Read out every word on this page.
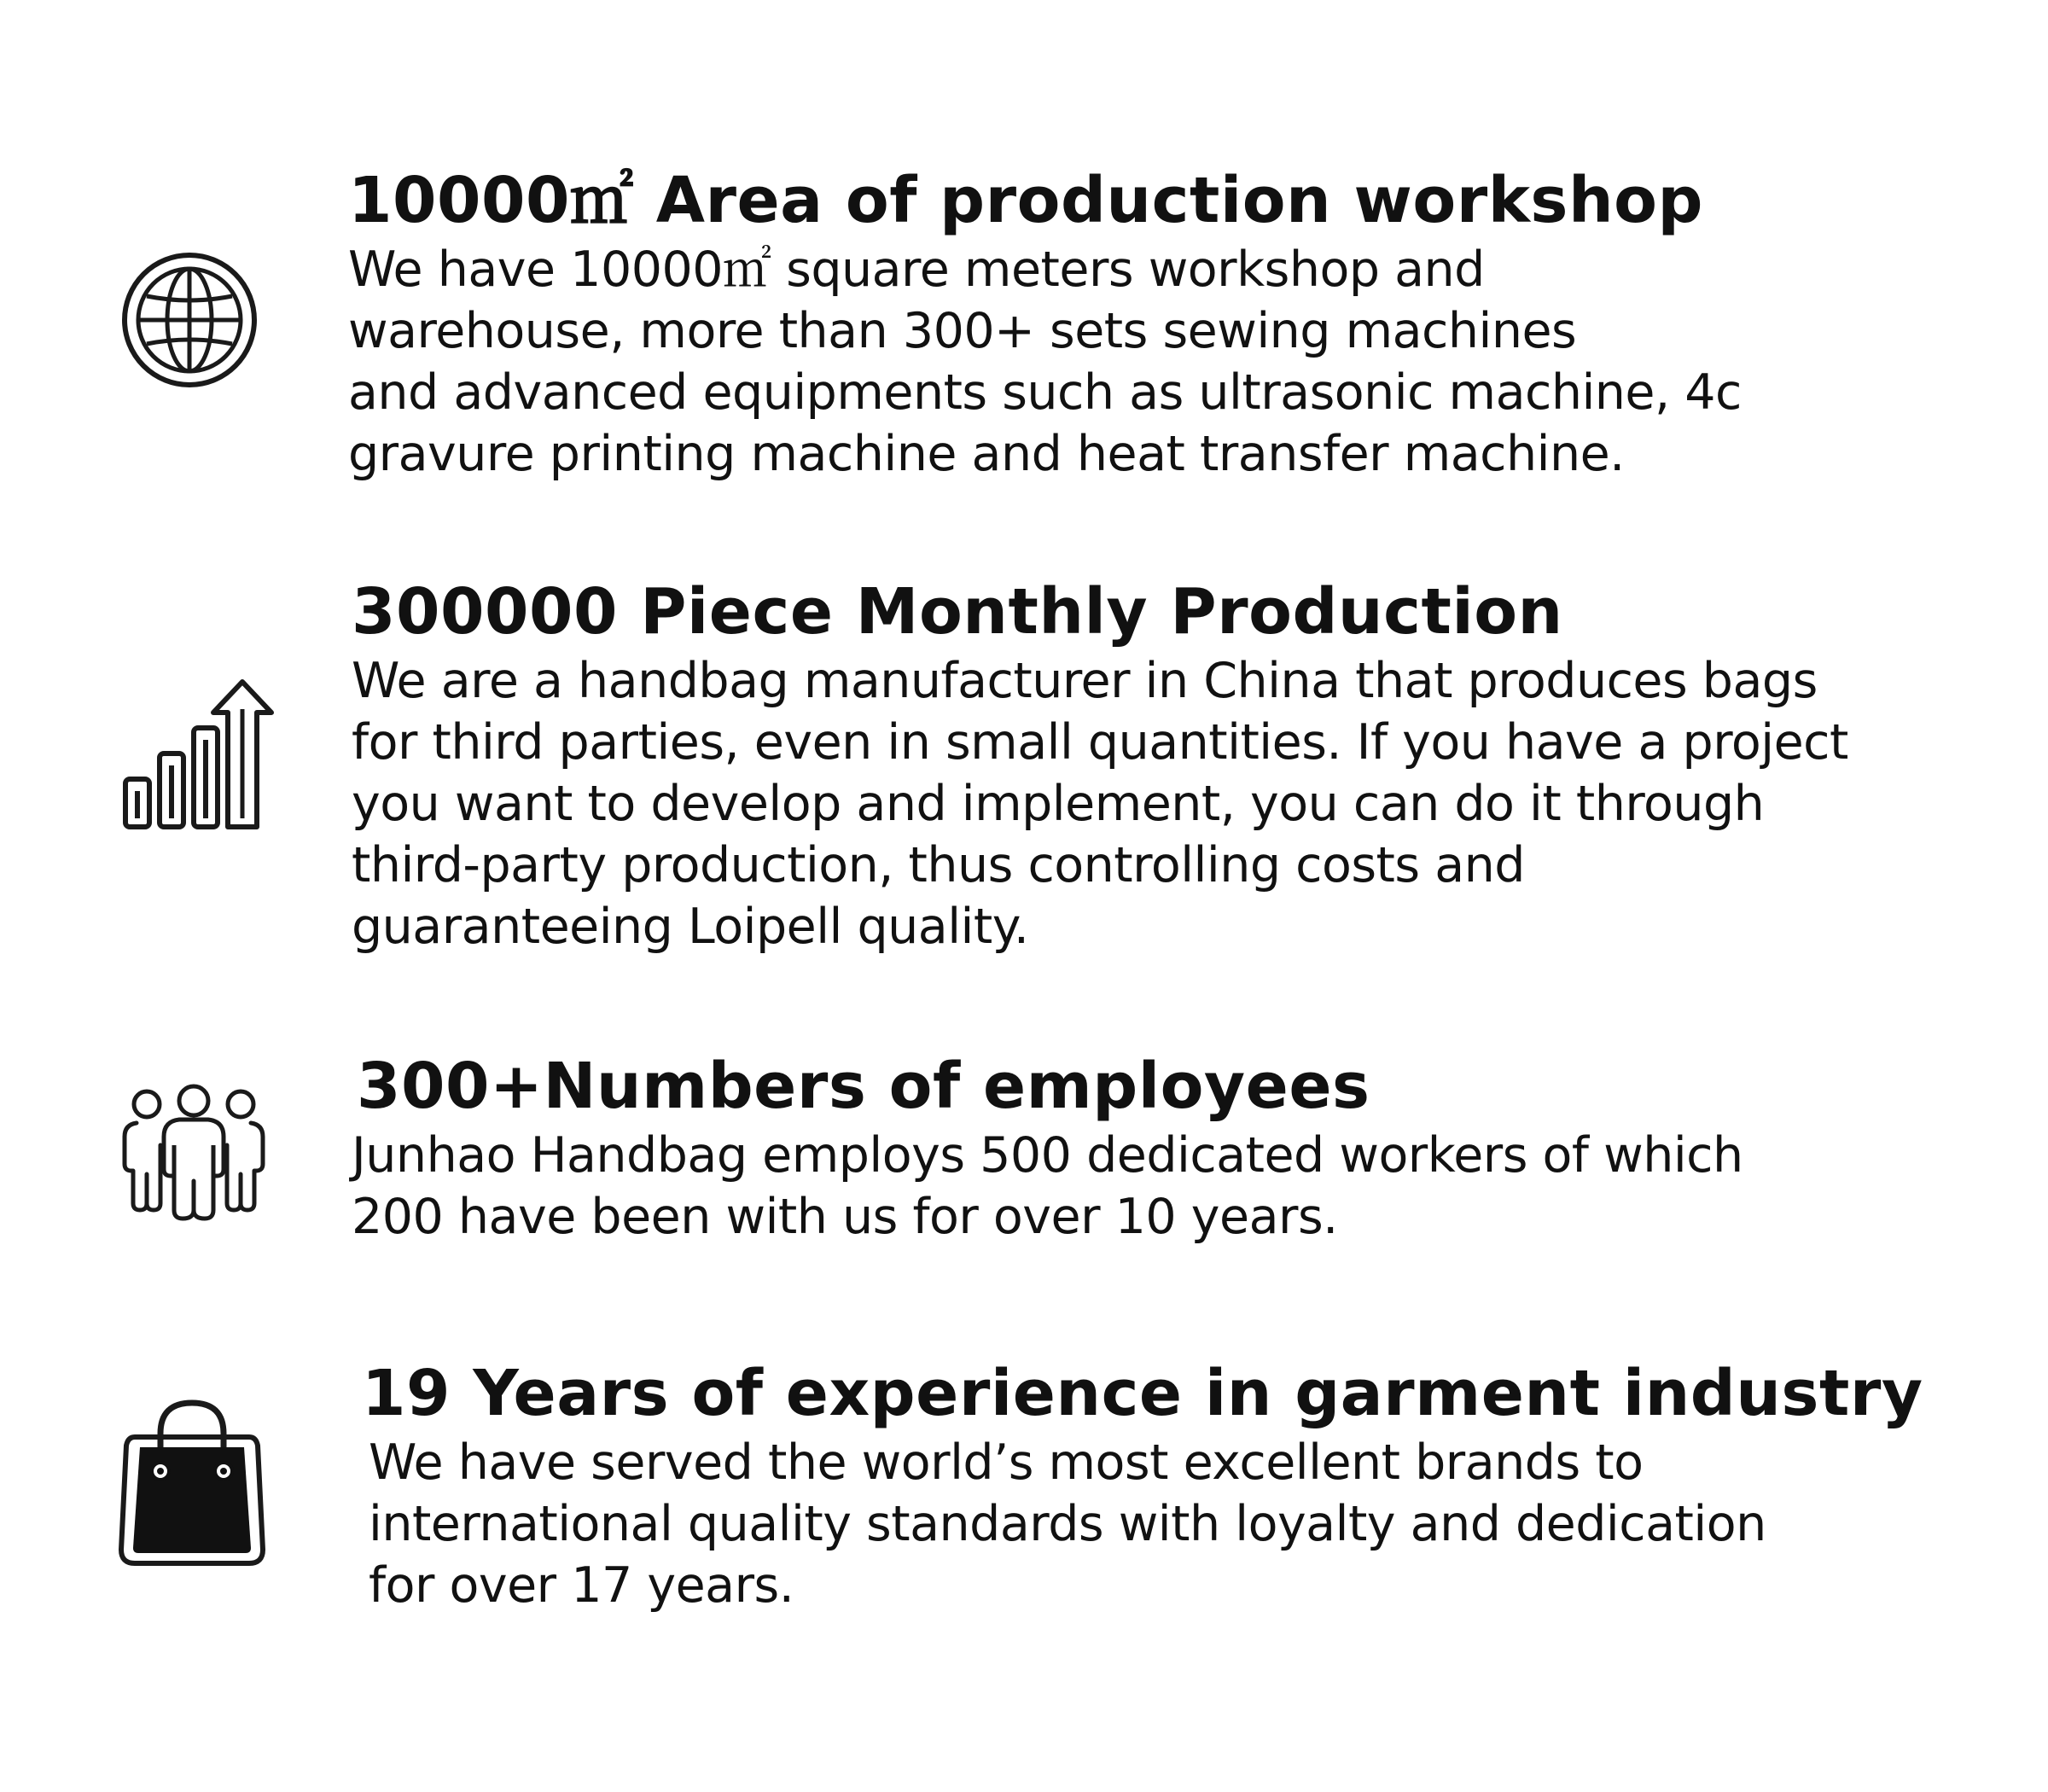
10000㎡ Area of production workshop

We have 10000㎡ square meters workshop and
warehouse, more than 300+ sets sewing machines
and advanced equipments such as ultrasonic machine, 4c
gravure printing machine and heat transfer machine.

300000 Piece Monthly Production

We are a handbag manufacturer in China that produces bags
for third parties, even in small quantities. If you have a project
you want to develop and implement, you can do it through
third-party production, thus controlling costs and
guaranteeing Loipell quality.

300+Numbers of employees

Junhao Handbag employs 500 dedicated workers of which
200 have been with us for over 10 years.

19 Years of experience in garment industry

We have served the world’s most excellent brands to
international quality standards with loyalty and dedication
for over 17 years.
